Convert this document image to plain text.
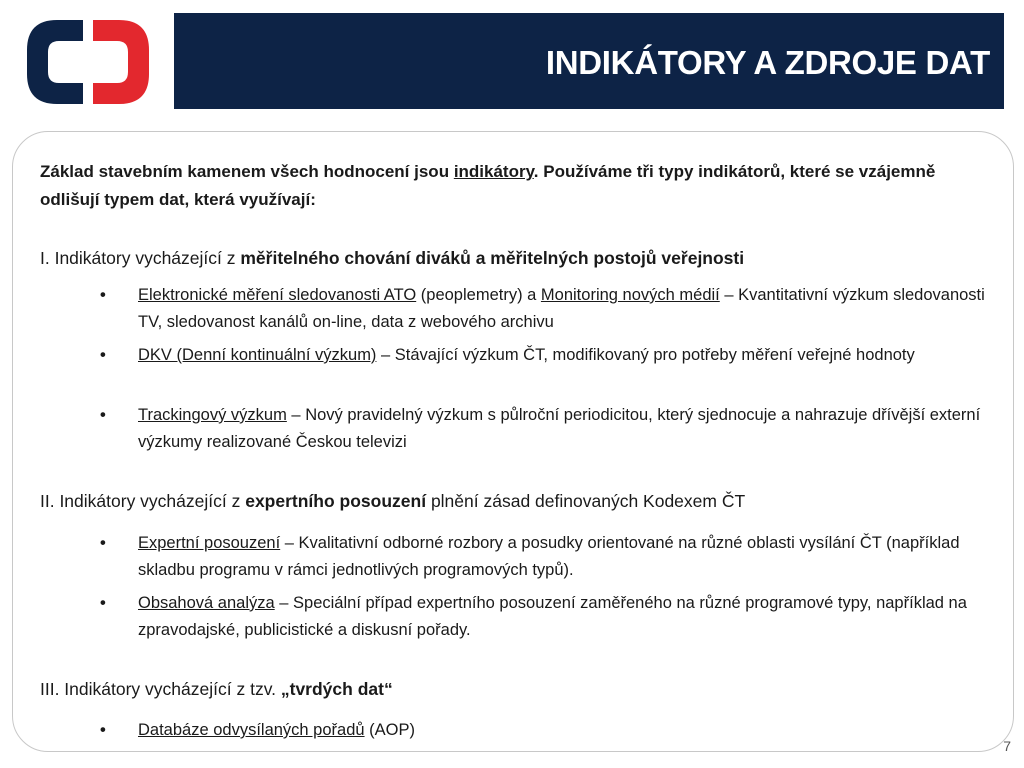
INDIKÁTORY A ZDROJE DAT
Základ stavebním kamenem všech hodnocení jsou indikátory. Používáme tři typy indikátorů, které se vzájemně odlišují typem dat, která využívají:
I. Indikátory vycházející z měřitelného chování diváků a měřitelných postojů veřejnosti
• Elektronické měření sledovanosti ATO (peoplemetry) a Monitoring nových médií – Kvantitativní výzkum sledovanosti TV, sledovanost kanálů on-line, data z webového archivu
• DKV (Denní kontinuální výzkum) – Stávající výzkum ČT, modifikovaný pro potřeby měření veřejné hodnoty
• Trackingový výzkum – Nový pravidelný výzkum s půlroční periodicitou, který sjednocuje a nahrazuje dřívější externí výzkumy realizované Českou televizi
II. Indikátory vycházející z expertního posouzení plnění zásad definovaných Kodexem ČT
• Expertní posouzení – Kvalitativní odborné rozbory a posudky orientované na různé oblasti vysílání ČT (například skladbu programu v rámci jednotlivých programových typů).
• Obsahová analýza – Speciální případ expertního posouzení zaměřeného na různé programové typy, například na zpravodajské, publicistické a diskusní pořady.
III. Indikátory vycházející z tzv. „tvrdých dat“
• Databáze odvysílaných pořadů (AOP)
7
